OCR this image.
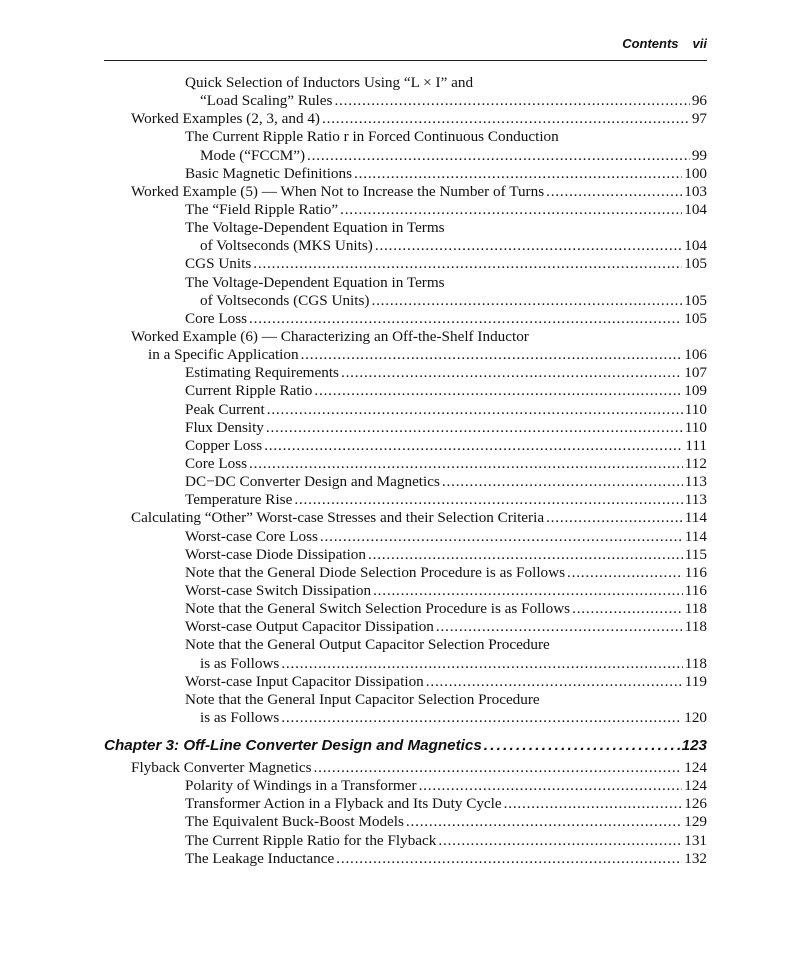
Contents vii
Quick Selection of Inductors Using “L × I” and
“Load Scaling” Rules . . .	96
Worked Examples (2, 3, and 4) . . .	97
The Current Ripple Ratio r in Forced Continuous Conduction
Mode (“FCCM”) . . .	99
Basic Magnetic Definitions . . .	100
Worked Example (5) — When Not to Increase the Number of Turns . . .	103
The “Field Ripple Ratio” . . .	104
The Voltage-Dependent Equation in Terms
of Voltseconds (MKS Units) . . .	104
CGS Units . . .	105
The Voltage-Dependent Equation in Terms
of Voltseconds (CGS Units) . . .	105
Core Loss . . .	105
Worked Example (6) — Characterizing an Off-the-Shelf Inductor
in a Specific Application . . .	106
Estimating Requirements . . .	107
Current Ripple Ratio . . .	109
Peak Current . . .	110
Flux Density . . .	110
Copper Loss . . .	111
Core Loss . . .	112
DC−DC Converter Design and Magnetics . . .	113
Temperature Rise . . .	113
Calculating “Other” Worst-case Stresses and their Selection Criteria . . .	114
Worst-case Core Loss . . .	114
Worst-case Diode Dissipation . . .	115
Note that the General Diode Selection Procedure is as Follows . . .	116
Worst-case Switch Dissipation . . .	116
Note that the General Switch Selection Procedure is as Follows . . .	118
Worst-case Output Capacitor Dissipation . . .	118
Note that the General Output Capacitor Selection Procedure
is as Follows . . .	118
Worst-case Input Capacitor Dissipation . . .	119
Note that the General Input Capacitor Selection Procedure
is as Follows . . .	120
Chapter 3: Off-Line Converter Design and Magnetics . . .	123
Flyback Converter Magnetics . . .	124
Polarity of Windings in a Transformer . . .	124
Transformer Action in a Flyback and Its Duty Cycle . . .	126
The Equivalent Buck-Boost Models . . .	129
The Current Ripple Ratio for the Flyback . . .	131
The Leakage Inductance . . .	132
